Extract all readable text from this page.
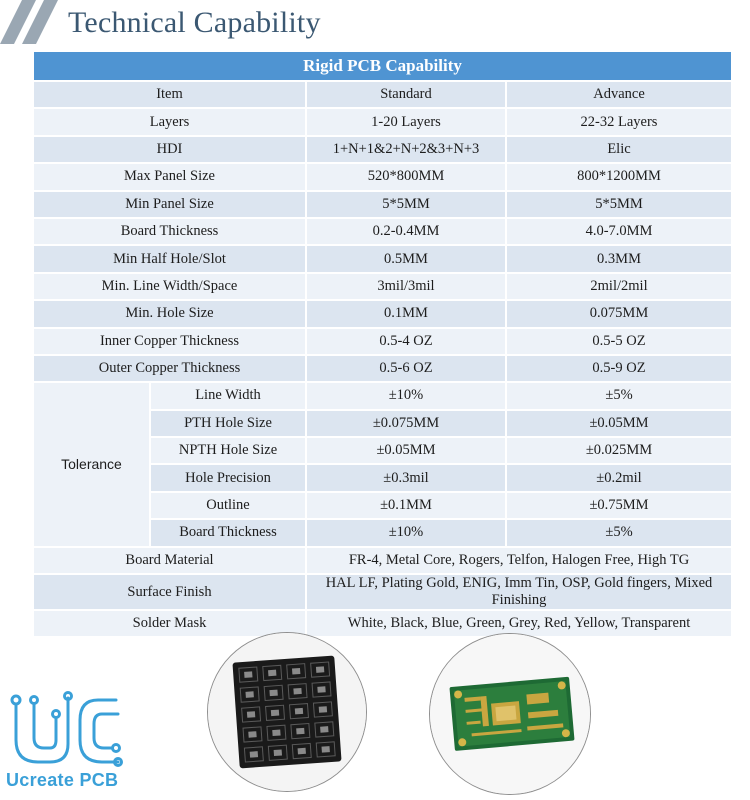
Technical Capability
Rigid PCB Capability			
Item		Standard	Advance
Layers		1-20 Layers	22-32 Layers
HDI		1+N+1&2+N+2&3+N+3	Elic
Max Panel Size		520*800MM	800*1200MM
Min Panel Size		5*5MM	5*5MM
Board Thickness		0.2-0.4MM	4.0-7.0MM
Min Half Hole/Slot		0.5MM	0.3MM
Min. Line Width/Space		3mil/3mil	2mil/2mil
Min. Hole Size		0.1MM	0.075MM
Inner Copper Thickness		0.5-4 OZ	0.5-5 OZ
Outer Copper Thickness		0.5-6 OZ	0.5-9 OZ
Tolerance	Line Width	±10%	±5%
	PTH Hole Size	±0.075MM	±0.05MM
	NPTH Hole Size	±0.05MM	±0.025MM
	Hole Precision	±0.3mil	±0.2mil
	Outline	±0.1MM	±0.75MM
	Board Thickness	±10%	±5%
Board Material		FR-4, Metal Core, Rogers, Telfon, Halogen Free, High TG	
Surface Finish		HAL LF, Plating Gold, ENIG, Imm Tin, OSP, Gold fingers, Mixed Finishing	
Solder Mask		White, Black, Blue, Green, Grey, Red, Yellow, Transparent	
Ucreate PCB
